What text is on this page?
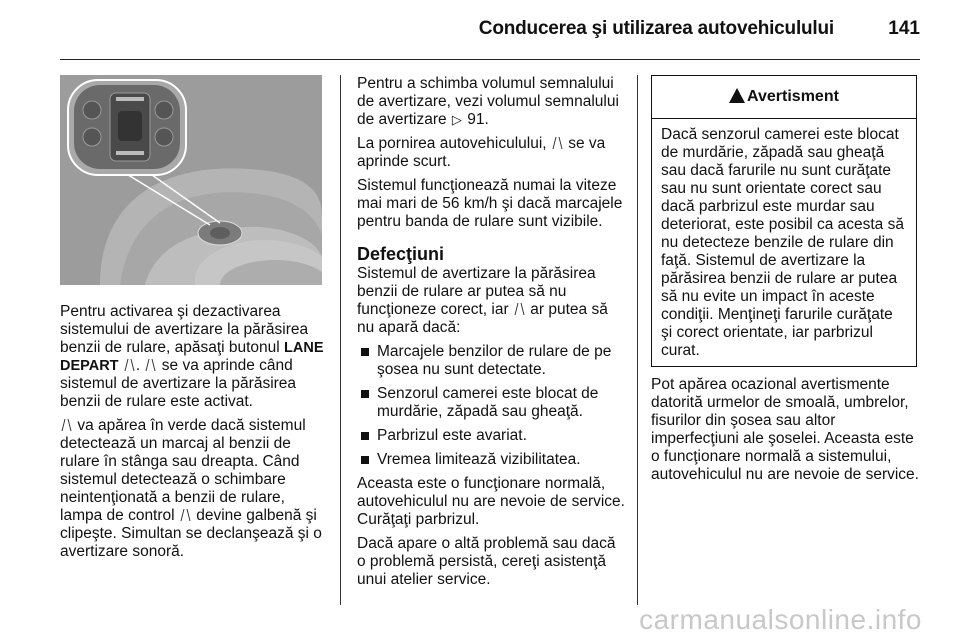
Conducerea şi utilizarea autovehiculului	141

Pentru activarea şi dezactivarea sistemului de avertizare la părăsirea benzii de rulare, apăsaţi butonul LANE DEPART . se va aprinde când sistemul de avertizare la părăsirea benzii de rulare este activat.

va apărea în verde dacă sistemul detectează un marcaj al benzii de rulare în stânga sau dreapta. Când sistemul detectează o schimbare neintenţionată a benzii de rulare, lampa de control devine galbenă şi clipeşte. Simultan se declanşează şi o avertizare sonoră.

Pentru a schimba volumul semnalului de avertizare, vezi volumul semnalului de avertizare ▷ 91.

La pornirea autovehiculului, se va aprinde scurt.

Sistemul funcţionează numai la viteze mai mari de 56 km/h şi dacă marcajele pentru banda de rulare sunt vizibile.

Defecţiuni

Sistemul de avertizare la părăsirea benzii de rulare ar putea să nu funcţioneze corect, iar ar putea să nu apară dacă:

Marcajele benzilor de rulare de pe şosea nu sunt detectate.
Senzorul camerei este blocat de murdărie, zăpadă sau gheaţă.
Parbrizul este avariat.
Vremea limitează vizibilitatea.

Aceasta este o funcţionare normală, autovehiculul nu are nevoie de service. Curăţaţi parbrizul.

Dacă apare o altă problemă sau dacă o problemă persistă, cereţi asistenţă unui atelier service.

!Avertisment
Dacă senzorul camerei este blocat de murdărie, zăpadă sau gheaţă sau dacă farurile nu sunt curăţate sau nu sunt orientate corect sau dacă parbrizul este murdar sau deteriorat, este posibil ca acesta să nu detecteze benzile de rulare din faţă. Sistemul de avertizare la părăsirea benzii de rulare ar putea să nu evite un impact în aceste condiţii. Menţineţi farurile curăţate şi corect orientate, iar parbrizul curat.

Pot apărea ocazional avertismente datorită urmelor de smoală, umbrelor, fisurilor din şosea sau altor imperfecţiuni ale şoselei. Aceasta este o funcţionare normală a sistemului, autovehiculul nu are nevoie de service.

carmanualsonline.info
